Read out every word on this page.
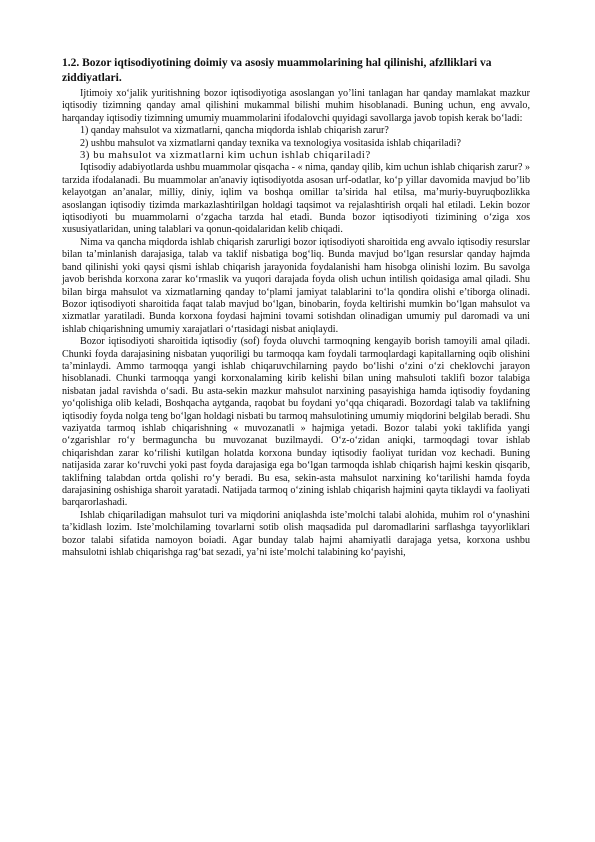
1.2. Bozor iqtisodiyotining doimiy va asosiy muammolarining hal qilinishi, afzlliklari va ziddiyatlari.

Ijtimoiy xo‘jalik yuritishning bozor iqtisodiyotiga asoslangan yo’lini tanlagan har qanday mamlakat mazkur iqtisodiy tizimning qanday amal qilishini mukammal bilishi muhim hisoblanadi. Buning uchun, eng avvalo, harqanday iqtisodiy tizimning umumiy muammolarini ifodalovchi quyidagi savollarga javob topish kerak bo‘ladi:

1) qanday mahsulot va xizmatlarni, qancha miqdorda ishlab chiqarish zarur?

2) ushbu mahsulot va xizmatlarni qanday texnika va texnologiya vositasida ishlab chiqariladi?

3) bu mahsulot va xizmatlarni kim uchun ishlab chiqariladi?

Iqtisodiy adabiyotlarda ushbu muammolar qisqacha - « nima, qanday qilib, kim uchun ishlab chiqarish zarur? » tarzida ifodalanadi. Bu muammolar an'anaviy iqtisodiyotda asosan urf-odatlar, ko‘p yillar davomida mavjud bo’lib kelayotgan an’analar, milliy, diniy, iqlim va boshqa omillar ta’sirida hal etilsa, ma’muriy-buyruqbozlikka asoslangan iqtisodiy tizimda markazlashtirilgan holdagi taqsimot va rejalashtirish orqali hal etiladi. Lekin bozor iqtisodiyoti bu muammolarni o‘zgacha tarzda hal etadi. Bunda bozor iqtisodiyoti tizimining o‘ziga xos xususiyatlaridan, uning talablari va qonun-qoidalaridan kelib chiqadi.

Nima va qancha miqdorda ishlab chiqarish zarurligi bozor iqtisodiyoti sharoitida eng avvalo iqtisodiy resurslar bilan ta’minlanish darajasiga, talab va taklif nisbatiga bog‘liq. Bunda mavjud bo‘lgan resurslar qanday hajmda band qilinishi yoki qaysi qismi ishlab chiqarish jarayonida foydalanishi ham hisobga olinishi lozim. Bu savolga javob berishda korxona zarar ko‘rmaslik va yuqori darajada foyda olish uchun intilish qoidasiga amal qiladi. Shu bilan birga mahsulot va xizmatlarning qanday to‘plami jamiyat talablarini to‘la qondira olishi e’tiborga olinadi. Bozor iqtisodiyoti sharoitida faqat talab mavjud bo‘lgan, binobarin, foyda keltirishi mumkin bo‘lgan mahsulot va xizmatlar yaratiladi. Bunda korxona foydasi hajmini tovami sotishdan olinadigan umumiy pul daromadi va uni ishlab chiqarishning umumiy xarajatlari o‘rtasidagi nisbat aniqlaydi.

Bozor iqtisodiyoti sharoitida iqtisodiy (sof) foyda oluvchi tarmoqning kengayib borish tamoyili amal qiladi. Chunki foyda darajasining nisbatan yuqoriligi bu tarmoqqa kam foydali tarmoqlardagi kapitallarning oqib olishini ta’minlaydi. Ammo tarmoqqa yangi ishlab chiqaruvchilarning paydo bo‘lishi o‘zini o‘zi cheklovchi jarayon hisoblanadi. Chunki tarmoqqa yangi korxonalaming kirib kelishi bilan uning mahsuloti taklifi bozor talabiga nisbatan jadal ravishda o‘sadi. Bu asta-sekin mazkur mahsulot narxining pasayishiga hamda iqtisodiy foydaning yo‘qolishiga olib keladi, Boshqacha aytganda, raqobat bu foydani yo‘qqa chiqaradi. Bozordagi talab va taklifning iqtisodiy foyda nolga teng bo‘lgan holdagi nisbati bu tarmoq mahsulotining umumiy miqdorini belgilab beradi. Shu vaziyatda tarmoq ishlab chiqarishning « muvozanatli » hajmiga yetadi. Bozor talabi yoki taklifida yangi o‘zgarishlar ro‘y bermaguncha bu muvozanat buzilmaydi. O‘z-o‘zidan aniqki, tarmoqdagi tovar ishlab chiqarishdan zarar ko‘rilishi kutilgan holatda korxona bunday iqtisodiy faoliyat turidan voz kechadi. Buning natijasida zarar ko‘ruvchi yoki past foyda darajasiga ega bo‘lgan tarmoqda ishlab chiqarish hajmi keskin qisqarib, taklifning talabdan ortda qolishi ro‘y beradi. Bu esa, sekin-asta mahsulot narxining ko‘tarilishi hamda foyda darajasining oshishiga sharoit yaratadi. Natijada tarmoq o‘zining ishlab chiqarish hajmini qayta tiklaydi va faoliyati barqarorlashadi.

Ishlab chiqariladigan mahsulot turi va miqdorini aniqlashda iste’molchi talabi alohida, muhim rol o‘ynashini ta’kidlash lozim. Iste’molchilaming tovarlarni sotib olish maqsadida pul daromadlarini sarflashga tayyorliklari bozor talabi sifatida namoyon boiadi. Agar bunday talab hajmi ahamiyatli darajaga yetsa, korxona ushbu mahsulotni ishlab chiqarishga rag‘bat sezadi, ya’ni iste’molchi talabining ko‘payishi,
